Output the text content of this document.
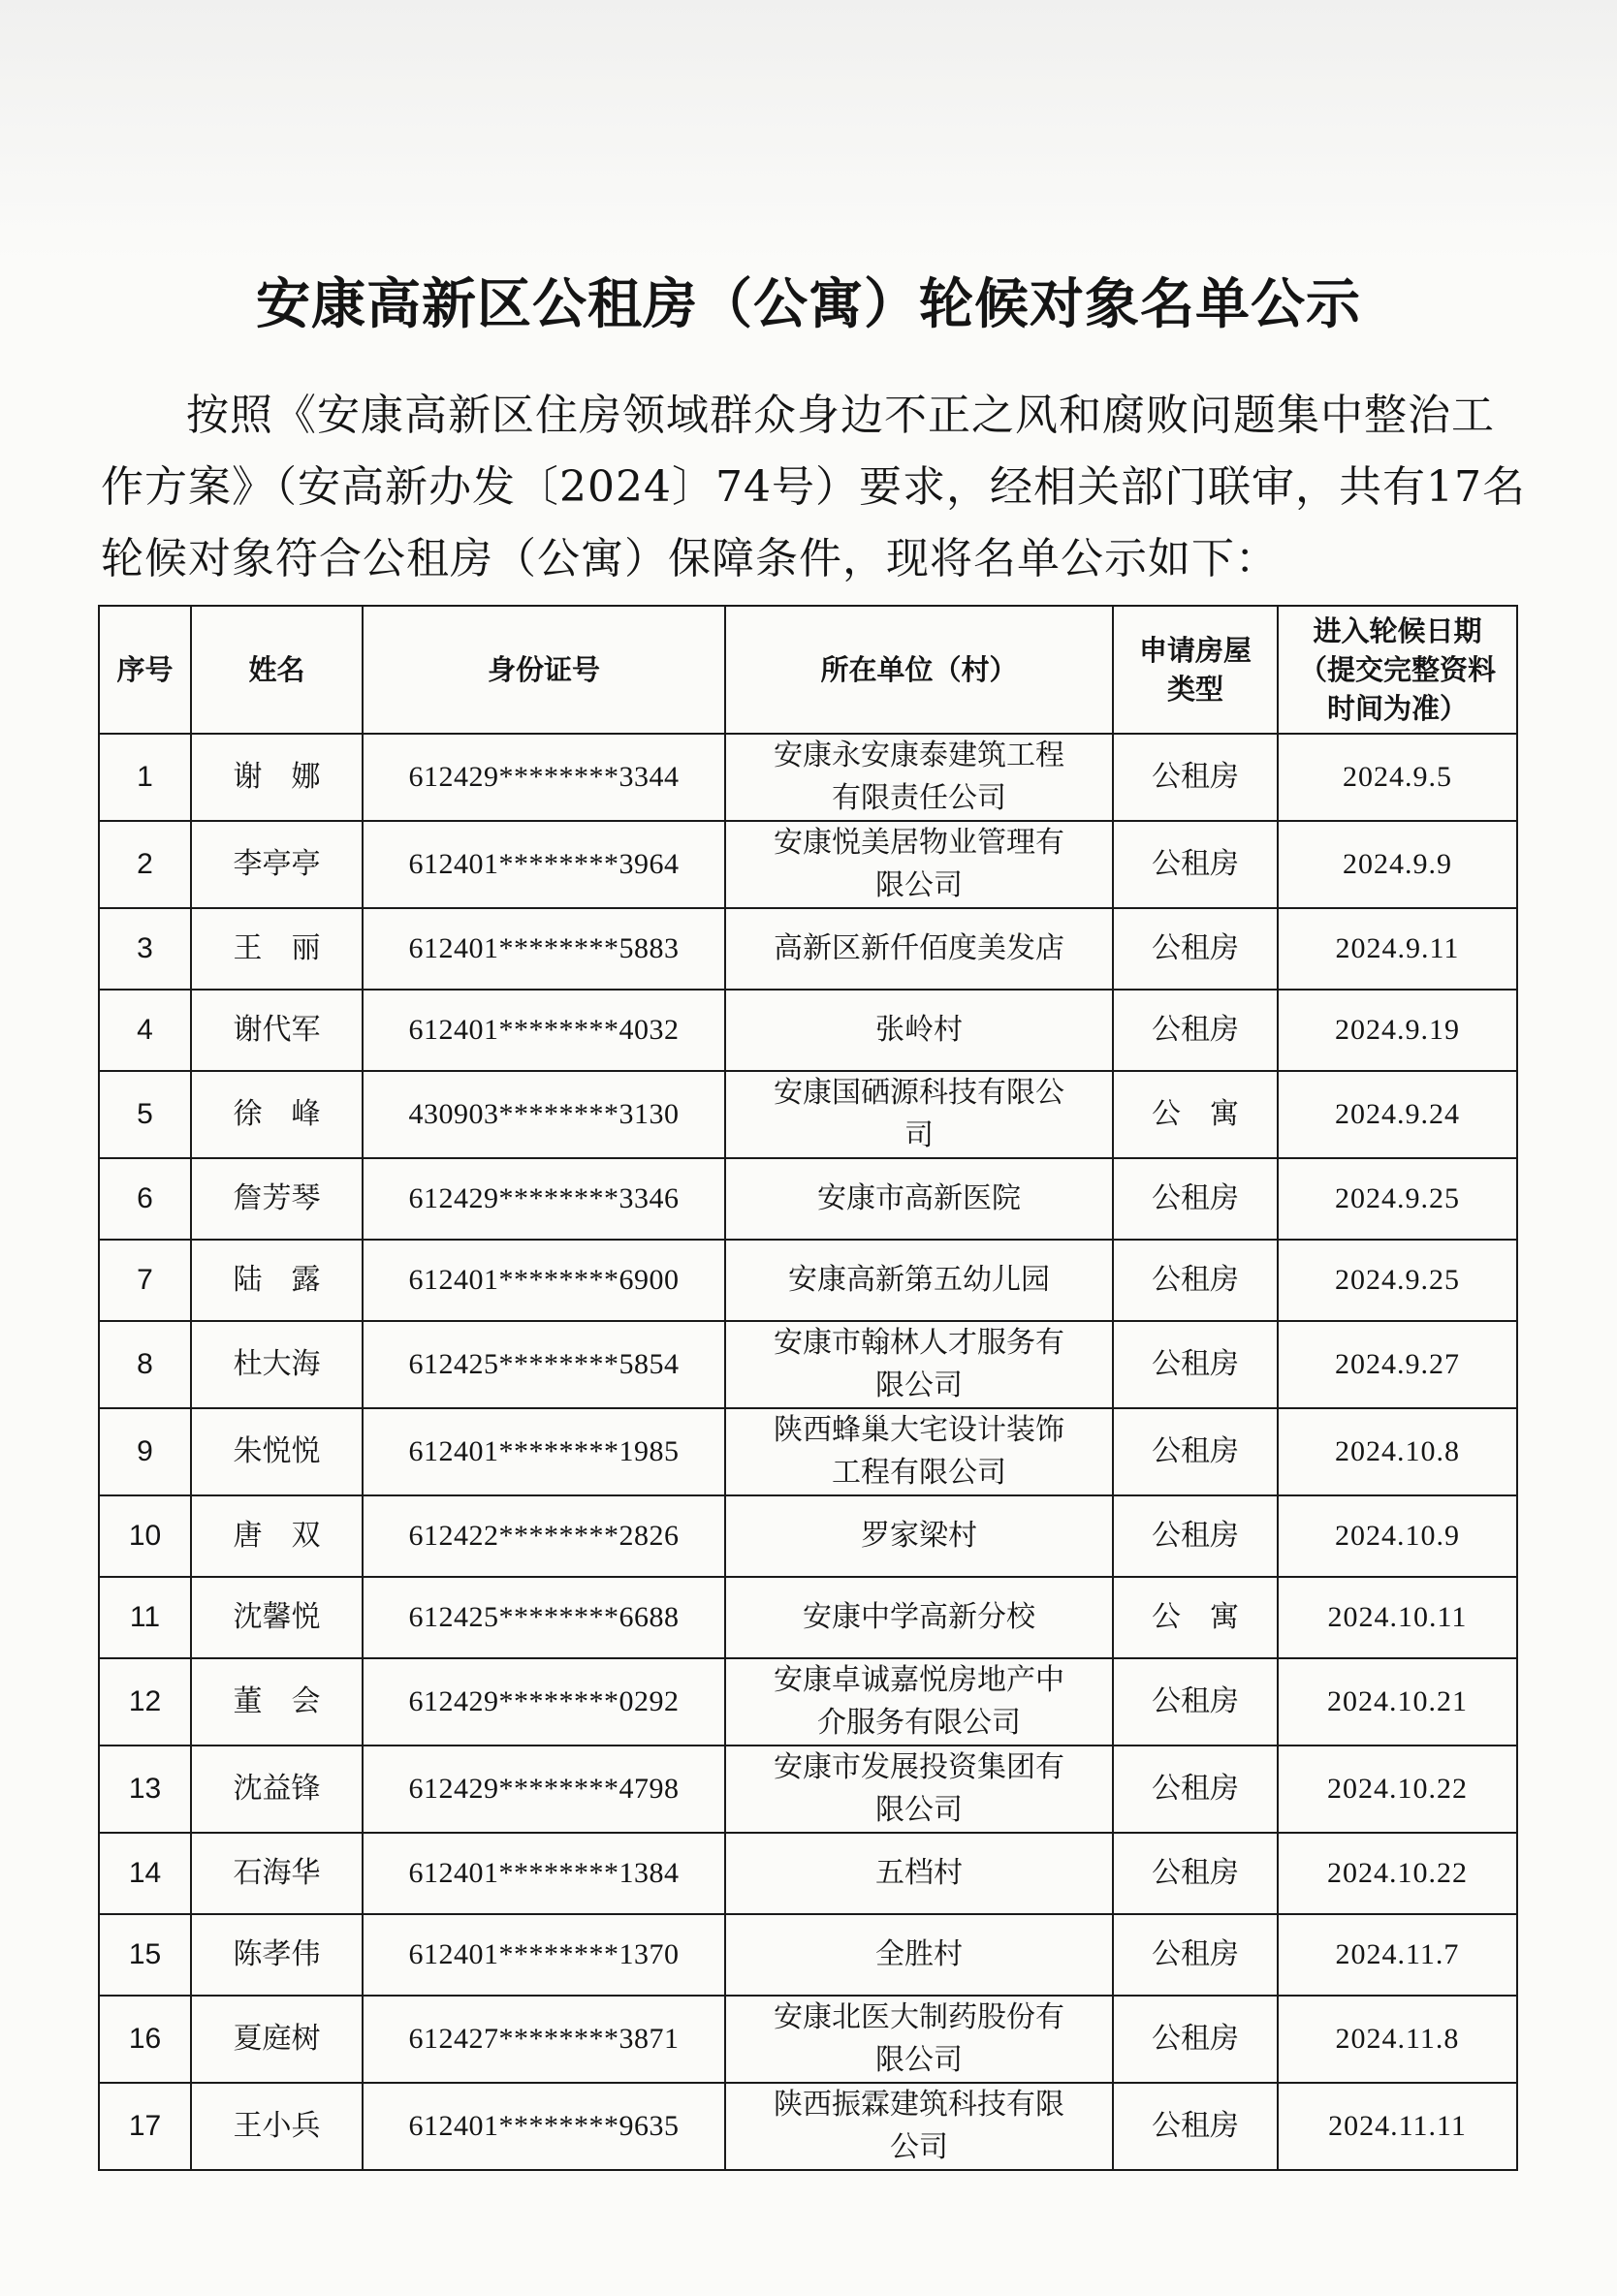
安康高新区公租房（公寓）轮候对象名单公示

按照《安康高新区住房领域群众身边不正之风和腐败问题集中整治工作方案》（安高新办发〔2024〕74号）要求，经相关部门联审，共有17名轮候对象符合公租房（公寓）保障条件，现将名单公示如下：

序号	姓名	身份证号	所在单位（村）	申请房屋类型	进入轮候日期（提交完整资料时间为准）
1	谢　娜	612429********3344	安康永安康泰建筑工程有限责任公司	公租房	2024.9.5
2	李亭亭	612401********3964	安康悦美居物业管理有限公司	公租房	2024.9.9
3	王　丽	612401********5883	高新区新仟佰度美发店	公租房	2024.9.11
4	谢代军	612401********4032	张岭村	公租房	2024.9.19
5	徐　峰	430903********3130	安康国硒源科技有限公司	公　寓	2024.9.24
6	詹芳琴	612429********3346	安康市高新医院	公租房	2024.9.25
7	陆　露	612401********6900	安康高新第五幼儿园	公租房	2024.9.25
8	杜大海	612425********5854	安康市翰林人才服务有限公司	公租房	2024.9.27
9	朱悦悦	612401********1985	陕西蜂巢大宅设计装饰工程有限公司	公租房	2024.10.8
10	唐　双	612422********2826	罗家梁村	公租房	2024.10.9
11	沈馨悦	612425********6688	安康中学高新分校	公　寓	2024.10.11
12	董　会	612429********0292	安康卓诚嘉悦房地产中介服务有限公司	公租房	2024.10.21
13	沈益锋	612429********4798	安康市发展投资集团有限公司	公租房	2024.10.22
14	石海华	612401********1384	五档村	公租房	2024.10.22
15	陈孝伟	612401********1370	全胜村	公租房	2024.11.7
16	夏庭树	612427********3871	安康北医大制药股份有限公司	公租房	2024.11.8
17	王小兵	612401********9635	陕西振霖建筑科技有限公司	公租房	2024.11.11
